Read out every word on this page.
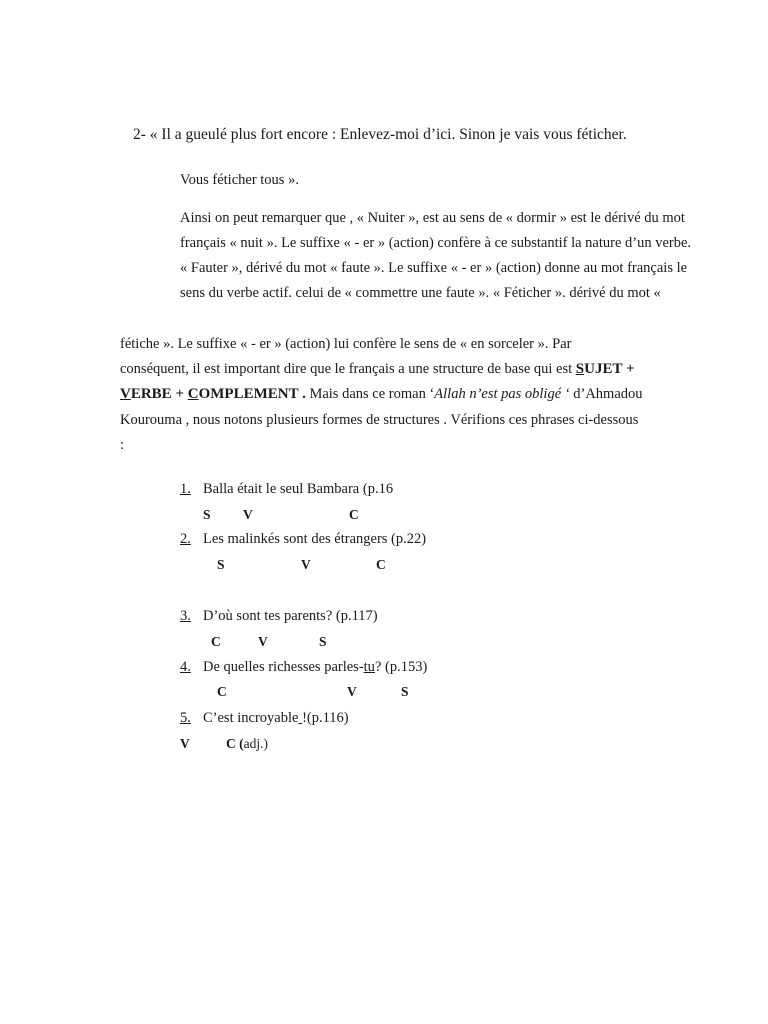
2- « Il a gueulé plus fort encore : Enlevez-moi d’ici. Sinon je vais vous féticher.
Vous féticher tous ».
Ainsi on peut remarquer que , « Nuiter », est au sens de « dormir » est le dérivé du mot
français « nuit ». Le suffixe « - er » (action) confère à ce substantif la nature d’un verbe.
« Fauter », dérivé du mot « faute ». Le suffixe « - er » (action) donne au mot français le
sens du verbe actif. celui de « commettre une faute ». « Féticher ». dérivé du mot «
fétiche ». Le suffixe « - er » (action) lui confère le sens de « en sorceler ». Par
conséquent, il est important dire que le français a une structure de base qui est SUJET +
VERBE + COMPLEMENT . Mais dans ce roman ‘Allah n’est pas obligé ‘ d’Ahmadou
Kourouma , nous notons plusieurs formes de structures . Vérifions ces phrases ci-dessous
:
1. Balla était le seul Bambara (p.16
S V	C
2. Les malinkés sont des étrangers (p.22)
S	V	C
3. D’où sont tes parents? (p.117)
C	V	S
4. De quelles richesses parles-tu? (p.153)
C	V	S
5. C’est incroyable !(p.116)
V	C (adj.)
